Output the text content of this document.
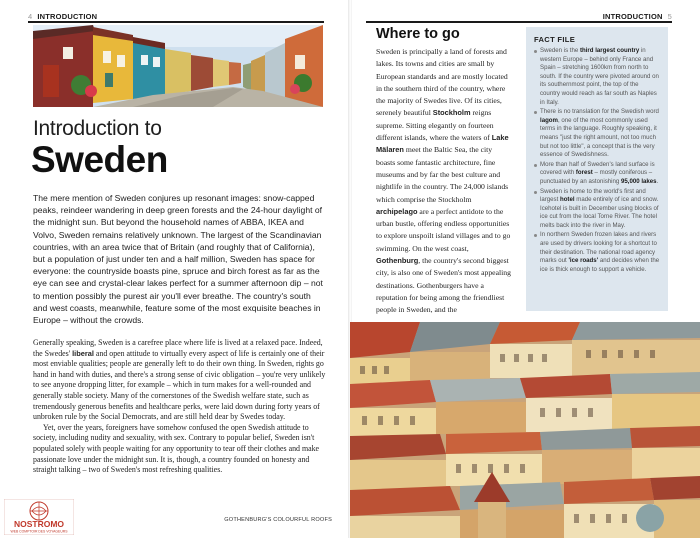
4 INTRODUCTION	INTRODUCTION 5
Introduction to
Sweden

The mere mention of Sweden conjures up resonant images: snow-capped peaks, reindeer wandering in deep green forests and the 24-hour daylight of the midnight sun. But beyond the household names of ABBA, IKEA and Volvo, Sweden remains relatively unknown. The largest of the Scandinavian countries, with an area twice that of Britain (and roughly that of California), but a population of just under ten and a half million, Sweden has space for everyone: the countryside boasts pine, spruce and birch forest as far as the eye can see and crystal-clear lakes perfect for a summer afternoon dip – not to mention possibly the purest air you'll ever breathe. The country's south and west coasts, meanwhile, feature some of the most exquisite beaches in Europe – without the crowds.

Generally speaking, Sweden is a carefree place where life is lived at a relaxed pace. Indeed, the Swedes' liberal and open attitude to virtually every aspect of life is certainly one of their most enviable qualities; people are generally left to do their own thing. In Sweden, rights go hand in hand with duties, and there's a strong sense of civic obligation – you're very unlikely to see anyone dropping litter, for example – which in turn makes for a well-rounded and generally stable society. Many of the cornerstones of the Swedish welfare state, such as tremendously generous benefits and healthcare perks, were laid down during forty years of unbroken rule by the Social Democrats, and are still held dear by Swedes today.

Yet, over the years, foreigners have somehow confused the open Swedish attitude to society, including nudity and sexuality, with sex. Contrary to popular belief, Sweden isn't populated solely with people waiting for any opportunity to tear off their clothes and make passionate love under the midnight sun. It is, though, a country founded on honesty and straight talking – two of Sweden's most refreshing qualities.

GOTHENBURG'S COLOURFUL ROOFS
NOSTROMO
WEB COMPTOIR DES VOYAGEURS
Where to go

Sweden is principally a land of forests and lakes. Its towns and cities are small by European standards and are mostly located in the southern third of the country, where the majority of Swedes live. Of its cities, serenely beautiful Stockholm reigns supreme. Sitting elegantly on fourteen different islands, where the waters of Lake Mälaren meet the Baltic Sea, the city boasts some fantastic architecture, fine museums and by far the best culture and nightlife in the country. The 24,000 islands which comprise the Stockholm archipelago are a perfect antidote to the urban bustle, offering endless opportunities to explore unspoilt island villages and to go swimming. On the west coast, Gothenburg, the country's second biggest city, is also one of Sweden's most appealing destinations. Gothenburgers have a reputation for being among the friendliest people in Sweden, and the

FACT FILE
Sweden is the third largest country in western Europe – behind only France and Spain – stretching 1600km from north to south. If the country were pivoted around on its southernmost point, the top of the country would reach as far south as Naples in Italy.
There is no translation for the Swedish word lagom, one of the most commonly used terms in the language. Roughly speaking, it means "just the right amount, not too much but not too little", a concept that is the very essence of Swedishness.
More than half of Sweden's land surface is covered with forest – mostly coniferous – punctuated by an astonishing 95,000 lakes.
Sweden is home to the world's first and largest hotel made entirely of ice and snow. Icehotel is built in December using blocks of ice cut from the local Torne River. The hotel melts back into the river in May.
In northern Sweden frozen lakes and rivers are used by drivers looking for a shortcut to their destination. The national road agency marks out 'ice roads' and decides when the ice is thick enough to support a vehicle.
